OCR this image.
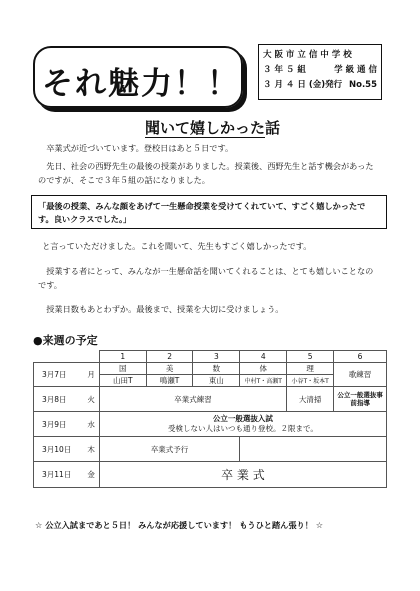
それ魅力！！
大 阪 市 立 信 中 学 校
３ 年 ５ 組	学 級 通 信
３ 月 ４ 日 (金)発行 No.55
聞いて嬉しかった話
卒業式が近づいています。登校日はあと５日です。
先日、社会の西野先生の最後の授業がありました。授業後、西野先生と話す機会があったのですが、そこで３年５組の話になりました。
「最後の授業、みんな顔をあげて一生懸命授業を受けてくれていて、すごく嬉しかったです。良いクラスでした。」
と言っていただけました。これを聞いて、先生もすごく嬉しかったです。
授業する者にとって、みんなが一生懸命話を聞いてくれることは、とても嬉しいことなのです。
授業日数もあとわずか。最後まで、授業を大切に受けましょう。
●来週の予定
		1	2	3	4	5	6
3月7日	月	国	美	数	体	理	歌練習
		山田T	鳴瀬T	東山	中村T・高瀬T	小谷T・坂本T	
3月8日	火	卒業式練習				大清掃	公立一般選抜事前指導
3月9日	水	公立一般選抜入試
受検しない人はいつも通り登校。２限まで。					

3月10日	木	卒業式予行					
3月11日	金	卒 業 式					
☆ 公立入試まであと５日！ みんなが応援しています！ もうひと踏ん張り！ ☆
